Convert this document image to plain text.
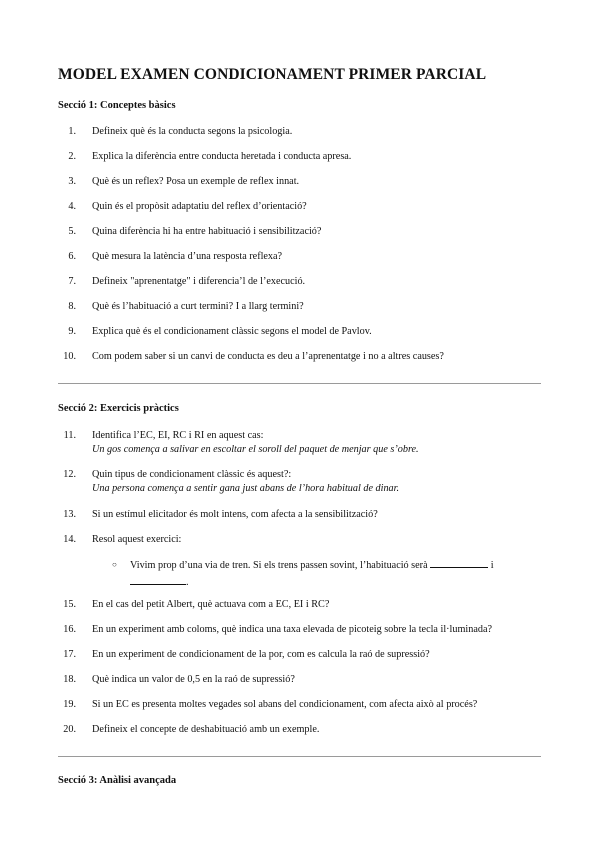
MODEL EXAMEN CONDICIONAMENT PRIMER PARCIAL
Secció 1: Conceptes bàsics
1. Defineix què és la conducta segons la psicologia.
2. Explica la diferència entre conducta heretada i conducta apresa.
3. Què és un reflex? Posa un exemple de reflex innat.
4. Quin és el propòsit adaptatiu del reflex d’orientació?
5. Quina diferència hi ha entre habituació i sensibilització?
6. Què mesura la latència d’una resposta reflexa?
7. Defineix "aprenentatge" i diferencia’l de l’execució.
8. Què és l’habituació a curt termini? I a llarg termini?
9. Explica què és el condicionament clàssic segons el model de Pavlov.
10. Com podem saber si un canvi de conducta es deu a l’aprenentatge i no a altres causes?
Secció 2: Exercicis pràctics
11. Identifica l’EC, EI, RC i RI en aquest cas:
Un gos comença a salivar en escoltar el soroll del paquet de menjar que s’obre.
12. Quin tipus de condicionament clàssic és aquest?:
Una persona comença a sentir gana just abans de l’hora habitual de dinar.
13. Si un estímul elicitador és molt intens, com afecta a la sensibilització?
14. Resol aquest exercici:
○ Vivim prop d’una via de tren. Si els trens passen sovint, l’habituació serà	i
.
15. En el cas del petit Albert, què actuava com a EC, EI i RC?
16. En un experiment amb coloms, què indica una taxa elevada de picoteig sobre la tecla il·luminada?
17. En un experiment de condicionament de la por, com es calcula la raó de supressió?
18. Què indica un valor de 0,5 en la raó de supressió?
19. Si un EC es presenta moltes vegades sol abans del condicionament, com afecta això al procés?
20. Defineix el concepte de deshabituació amb un exemple.
Secció 3: Anàlisi avançada
